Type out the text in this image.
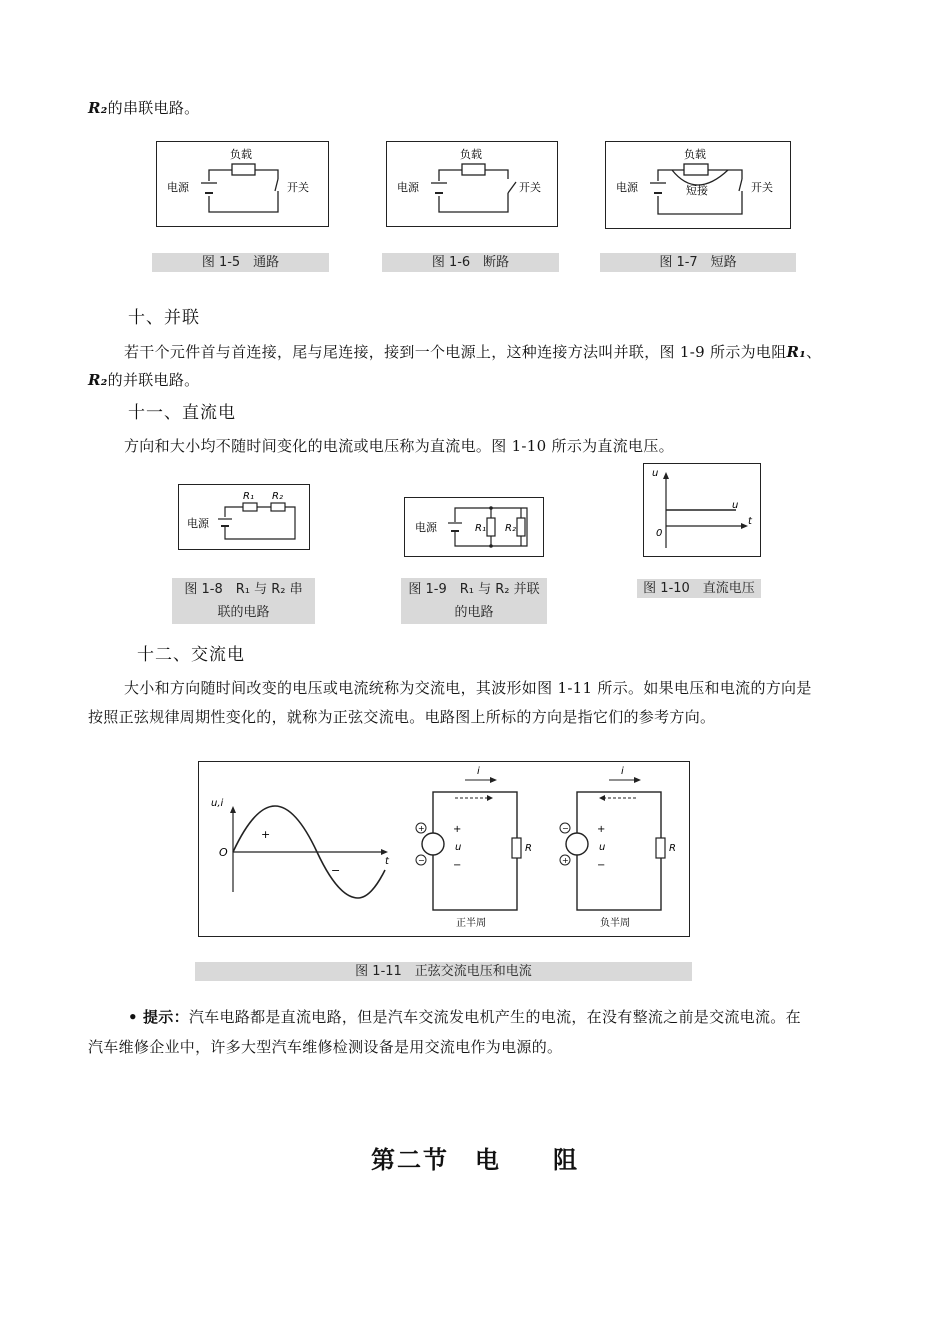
R₂的串联电路。
负载
电源	开关
图 1-5　通路
负载
电源	开关
图 1-6　断路
负载
电源	短接	开关
图 1-7　短路
十、并联
若干个元件首与首连接，尾与尾连接，接到一个电源上，这种连接方法叫并联，图 1-9 所示为电阻R₁、
R₂的并联电路。
十一、直流电
方向和大小均不随时间变化的电流或电压称为直流电。图 1-10 所示为直流电压。
电源
R₁ R₂
图 1-8　R₁ 与 R₂ 串
联的电路
电源	R₁ R₂
图 1-9　R₁ 与 R₂ 并联
的电路
u
t
0
u
图 1-10　直流电压
十二、交流电
大小和方向随时间改变的电压或电流统称为交流电，其波形如图 1-11 所示。如果电压和电流的方向是
按照正弦规律周期性变化的，就称为正弦交流电。电路图上所标的方向是指它们的参考方向。
u,i
O
t
+
−
+
−
i
+
u
−
R
正半周
−
+
i
+
u
−
R
负半周
图 1-11　正弦交流电压和电流
• 提示：汽车电路都是直流电路，但是汽车交流发电机产生的电流，在没有整流之前是交流电流。在
汽车维修企业中，许多大型汽车维修检测设备是用交流电作为电源的。
第二节　电　　阻
